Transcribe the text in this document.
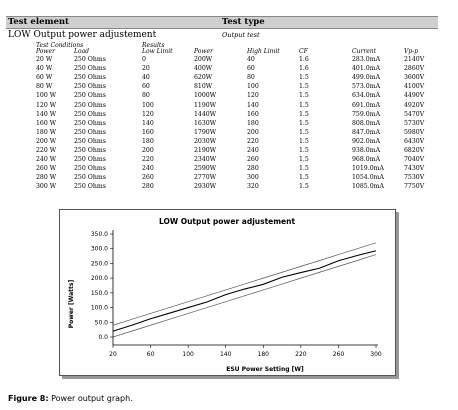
Test element	Test type
LOW Output power adjustement	Output test
Test Conditions	Results
Power	Load	Low Limit	Power	High Limit	CF	Current	Vp-p
20 W	250 Ohms	0	200W	40	1.6	283.0mA	2140V
40 W	250 Ohms	20	400W	60	1.6	401.0mA	2860V
60 W	250 Ohms	40	620W	80	1.5	499.0mA	3600V
80 W	250 Ohms	60	810W	100	1.5	573.0mA	4100V
100 W	250 Ohms	80	1000W	120	1.5	634.0mA	4490V
120 W	250 Ohms	100	1190W	140	1.5	691.0mA	4920V
140 W	250 Ohms	120	1440W	160	1.5	759.0mA	5470V
160 W	250 Ohms	140	1630W	180	1.5	808.0mA	5730V
180 W	250 Ohms	160	1790W	200	1.5	847.0mA	5980V
200 W	250 Ohms	180	2030W	220	1.5	902.0mA	6430V
220 W	250 Ohms	200	2190W	240	1.5	938.0mA	6820V
240 W	250 Ohms	220	2340W	260	1.5	968.0mA	7040V
260 W	250 Ohms	240	2590W	280	1.5	1019.0mA	7430V
280 W	250 Ohms	260	2770W	300	1.5	1054.0mA	7530V
300 W	250 Ohms	280	2930W	320	1.5	1085.0mA	7750V
LOW Output power adjustement
ESU Power Setting [W]
Power [Watts]
0.0
50.0
100.0
150.0
200.0
250.0
300.0
350.0
20	60	100	140	180	220	260	300
Figure 8: Power output graph.
